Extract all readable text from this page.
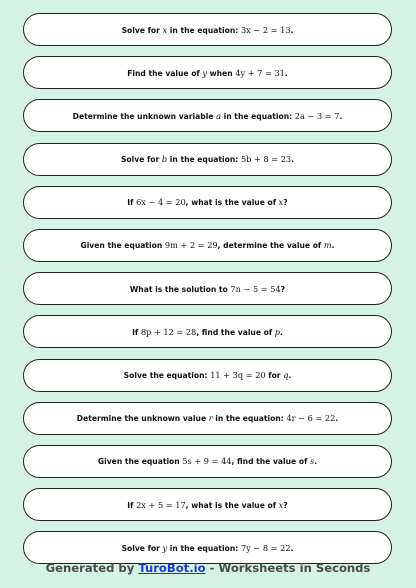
Solve for x in the equation: 3x − 2 = 13.
Find the value of y when 4y + 7 = 31.
Determine the unknown variable a in the equation: 2a − 3 = 7.
Solve for b in the equation: 5b + 8 = 23.
If 6x − 4 = 20, what is the value of x?
Given the equation 9m + 2 = 29, determine the value of m.
What is the solution to 7n − 5 = 54?
If 8p + 12 = 28, find the value of p.
Solve the equation: 11 + 3q = 20 for q.
Determine the unknown value r in the equation: 4r − 6 = 22.
Given the equation 5s + 9 = 44, find the value of s.
If 2x + 5 = 17, what is the value of x?
Solve for y in the equation: 7y − 8 = 22.
Generated by TuroBot.io - Worksheets in Seconds
